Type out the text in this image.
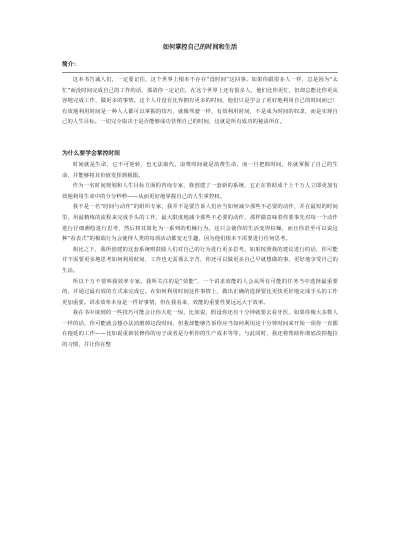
如何掌控自己的时间和生活
简介：

这本书告诫人们，一定要记住，这个世界上根本不存在“没时间”这回事。如果你跟很多人一样，总是因为“太忙”而没时间完成自己的工作的话，那请你一定记住，在这个世界上还有很多人，他们比你更忙，但却总能比你更从容地完成工作，做更多的事情。这个人并没有比你拥有更多的时间，他们只是学会了更好地利用自己的时间而已！有效地利用时间是一种人人都可以掌握的技巧，就像驾驶一样，有效利用时间，不是成为时间的奴隶，而是实现自己的人生目标。一切完全取决于是否能够成功管理自己的时间，这就是所有成功的秘诀所在。

为什么要学会掌控时间

时间就是生命，它不可逆转，也无法取代。浪费时间就是消费生命，而一旦把握时间，你就掌握了自己的生命，并能够将其价值发挥到极限。

作为一名时间规划和人生目标方面的咨询专家，我创建了一套新的系统，它正在帮助成千上千万人立即更加有效地利用生命中的分分秒秒——从而更好地掌握自己的人生掌控权。

我不是一名“时间与动作”的组织专家，我并不是要告诉人们应当如何减少那些不必要的动作，并在最短的时间里，用最精练的流程来完成手头的工作，最大限度地减少那些不必要的动作，那样做意味着你要事先对每一个动作进行仔细测绘进行思考，然后将其简化为一系列的机械行为。这只会使你的生活变得枯燥，而且你甚至可以说这种“看表式”的极端行为会使得人类的每项活动都变无生趣，因为他们根本不需要进行任何思考。

相比之下，我所创建的这套系统则鼓励人们对自己的行为进行更多思考。如果按照我的建议进行的话，你可能并不需要更多地思考如何利用时间，工作也无需那么辛苦，你还可以做更多自己早就想做的事，更好地享受自己的生活。

所以千万不要叫我效率专家。我所关注的是“效能”，一个讲求效能的人会从所有可能的任务当中选择最重要的，并通过最有效的方式来完成它。在如何利用时间这件事情上，做出正确的选择要比更快更好地完成手头的工作更加重要。讲求效率本身是一件好事情，但在我看来，效能的重要性要远远大于效率。

我在书中谈到的一些技巧可能会让你大吃一惊，比如说，假设你还有十分钟就要去看牙医，如果你像大多数人一样的话，你可能就会想办法消磨掉这段时间，但我却能够告诉你应当如何利用这十分钟时间来开始一项你一直都在拖延的工作——比如说重新装修你的房子或者是分析你的生产成本等等。与此同时，我还将帮助你彻底改掉拖拉的习惯，并让你在整
